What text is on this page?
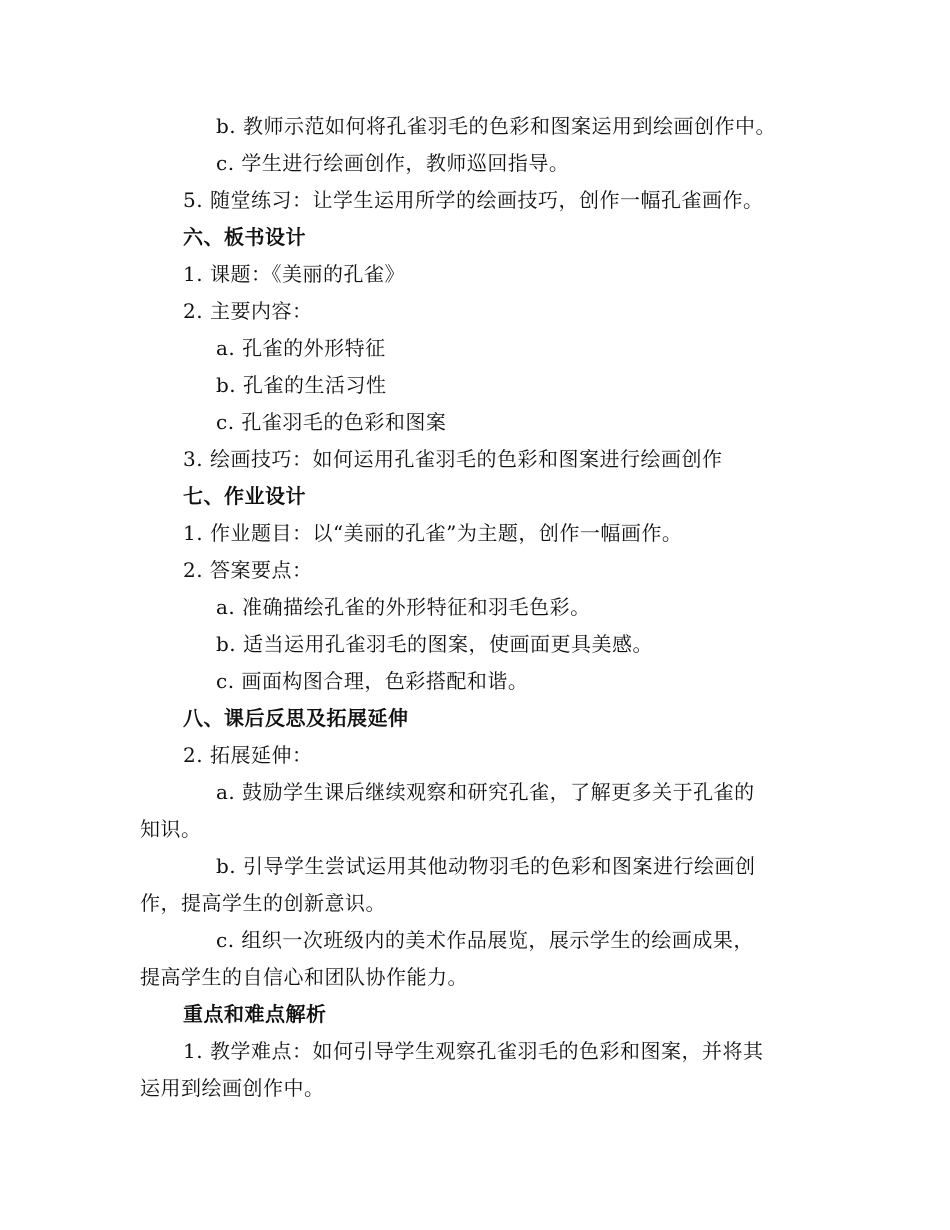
b. 教师示范如何将孔雀羽毛的色彩和图案运用到绘画创作中。
c. 学生进行绘画创作，教师巡回指导。
5. 随堂练习：让学生运用所学的绘画技巧，创作一幅孔雀画作。
六、板书设计
1. 课题：《美丽的孔雀》
2. 主要内容：
a. 孔雀的外形特征
b. 孔雀的生活习性
c. 孔雀羽毛的色彩和图案
3. 绘画技巧：如何运用孔雀羽毛的色彩和图案进行绘画创作
七、作业设计
1. 作业题目：以“美丽的孔雀”为主题，创作一幅画作。
2. 答案要点：
a. 准确描绘孔雀的外形特征和羽毛色彩。
b. 适当运用孔雀羽毛的图案，使画面更具美感。
c. 画面构图合理，色彩搭配和谐。
八、课后反思及拓展延伸
2. 拓展延伸：
a. 鼓励学生课后继续观察和研究孔雀，了解更多关于孔雀的
知识。
b. 引导学生尝试运用其他动物羽毛的色彩和图案进行绘画创
作，提高学生的创新意识。
c. 组织一次班级内的美术作品展览，展示学生的绘画成果，
提高学生的自信心和团队协作能力。
重点和难点解析
1. 教学难点：如何引导学生观察孔雀羽毛的色彩和图案，并将其
运用到绘画创作中。
